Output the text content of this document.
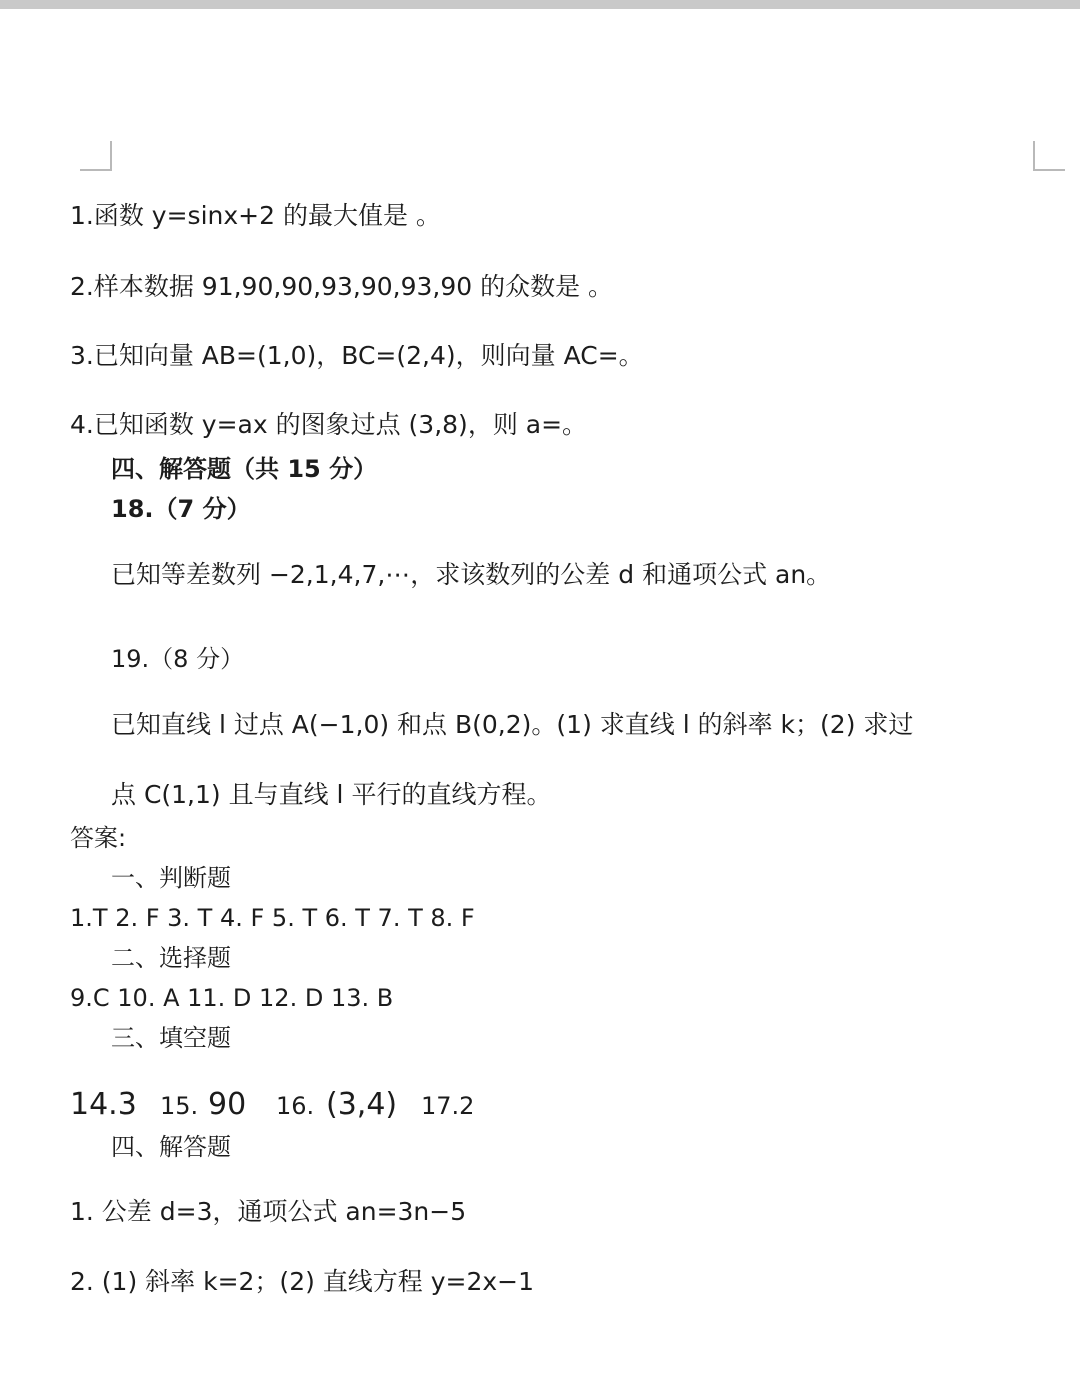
1.函数 y=sinx+2 的最大值是 。
2.样本数据 91,90,90,93,90,93,90 的众数是 。
3.已知向量 AB=(1,0)，BC=(2,4)，则向量 AC=。
4.已知函数 y=ax 的图象过点 (3,8)，则 a=。
四、解答题（共 15 分）
18.（7 分）
已知等差数列 −2,1,4,7,⋯，求该数列的公差 d 和通项公式 an。
19.（8 分）
已知直线 l 过点 A(−1,0) 和点 B(0,2)。(1) 求直线 l 的斜率 k；(2) 求过
点 C(1,1) 且与直线 l 平行的直线方程。
答案:
一、判断题
1.T 2. F 3. T 4. F 5. T 6. T 7. T 8. F
二、选择题
9.C 10. A 11. D 12. D 13. B
三、填空题
14.3 15. 90 16. (3,4) 17.2
四、解答题
1. 公差 d=3，通项公式 an=3n−5
2. (1) 斜率 k=2；(2) 直线方程 y=2x−1
